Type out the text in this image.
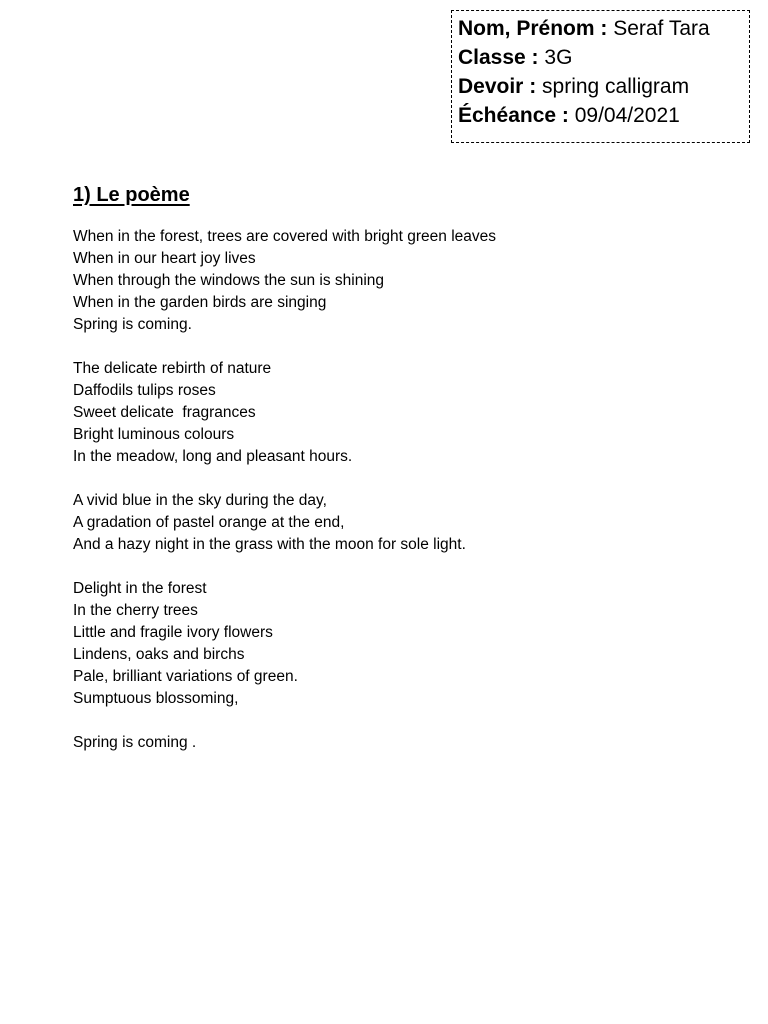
Nom, Prénom : Seraf Tara
Classe : 3G
Devoir : spring calligram
Échéance : 09/04/2021
1) Le poème
When in the forest, trees are covered with bright green leaves
When in our heart joy lives
When through the windows the sun is shining
When in the garden birds are singing
Spring is coming.
The delicate rebirth of nature
Daffodils tulips roses
Sweet delicate  fragrances
Bright luminous colours
In the meadow, long and pleasant hours.
A vivid blue in the sky during the day,
A gradation of pastel orange at the end,
And a hazy night in the grass with the moon for sole light.
Delight in the forest
In the cherry trees
Little and fragile ivory flowers
Lindens, oaks and birchs
Pale, brilliant variations of green.
Sumptuous blossoming,
Spring is coming .
